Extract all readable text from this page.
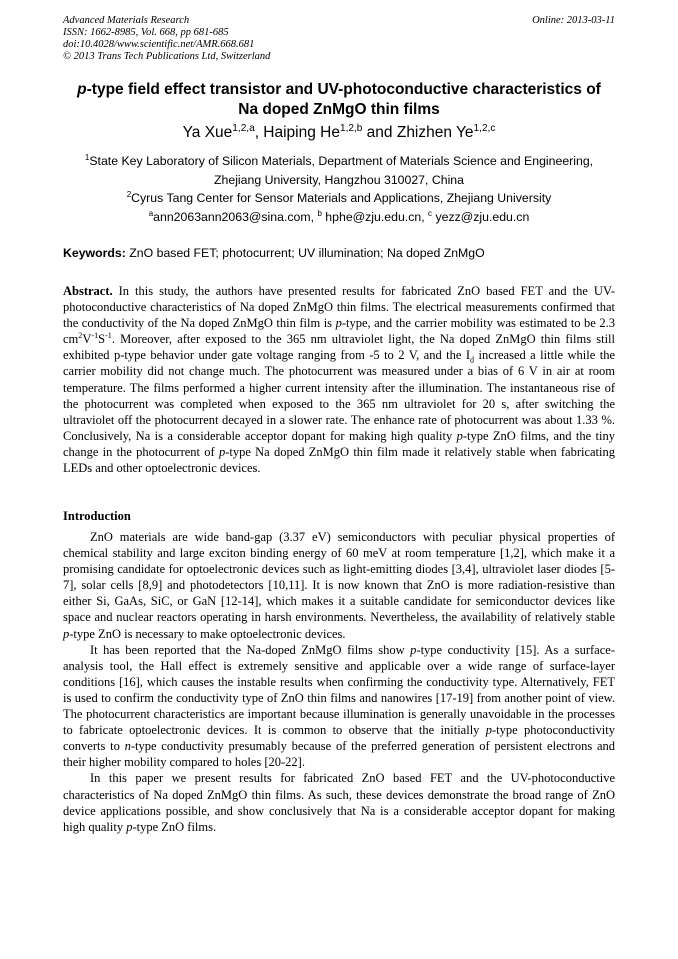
Advanced Materials Research
ISSN: 1662-8985, Vol. 668, pp 681-685
doi:10.4028/www.scientific.net/AMR.668.681
© 2013 Trans Tech Publications Ltd, Switzerland
Online: 2013-03-11
p-type field effect transistor and UV-photoconductive characteristics of
Na doped ZnMgO thin films
Ya Xue$^{1,2,a}$, Haiping He$^{1,2,b}$ and Zhizhen Ye$^{1,2,c}$
$^1$State Key Laboratory of Silicon Materials, Department of Materials Science and Engineering,
Zhejiang University, Hangzhou 310027, China
$^2$Cyrus Tang Center for Sensor Materials and Applications, Zhejiang University
$^a$ann2063ann2063@sina.com, $^b$ hphe@zju.edu.cn, $^c$ yezz@zju.edu.cn
Keywords: ZnO based FET; photocurrent; UV illumination; Na doped ZnMgO

Abstract. In this study, the authors have presented results for fabricated ZnO based FET and the UV-photoconductive characteristics of Na doped ZnMgO thin films. The electrical measurements confirmed that the conductivity of the Na doped ZnMgO thin film is p-type, and the carrier mobility was estimated to be 2.3 $cm^2V^{-1}S^{-1}$. Moreover, after exposed to the 365 nm ultraviolet light, the Na doped ZnMgO thin films still exhibited p-type behavior under gate voltage ranging from -5 to 2 V, and the $I_d$ increased a little while the carrier mobility did not change much. The photocurrent was measured under a bias of 6 V in air at room temperature. The films performed a higher current intensity after the illumination. The instantaneous rise of the photocurrent was completed when exposed to the 365 nm ultraviolet for 20 s, after switching the ultraviolet off the photocurrent decayed in a slower rate. The enhance rate of photocurrent was about 1.33 %. Conclusively, Na is a considerable acceptor dopant for making high quality p-type ZnO films, and the tiny change in the photocurrent of p-type Na doped ZnMgO thin film made it relatively stable when fabricating LEDs and other optoelectronic devices.

Introduction

ZnO materials are wide band-gap (3.37 eV) semiconductors with peculiar physical properties of chemical stability and large exciton binding energy of 60 meV at room temperature [1,2], which make it a promising candidate for optoelectronic devices such as light-emitting diodes [3,4], ultraviolet laser diodes [5-7], solar cells [8,9] and photodetectors [10,11]. It is now known that ZnO is more radiation-resistive than either Si, GaAs, SiC, or GaN [12-14], which makes it a suitable candidate for semiconductor devices like space and nuclear reactors operating in harsh environments. Nevertheless, the availability of relatively stable p-type ZnO is necessary to make optoelectronic devices.

It has been reported that the Na-doped ZnMgO films show p-type conductivity [15]. As a surface-analysis tool, the Hall effect is extremely sensitive and applicable over a wide range of surface-layer conditions [16], which causes the instable results when confirming the conductivity type. Alternatively, FET is used to confirm the conductivity type of ZnO thin films and nanowires [17-19] from another point of view. The photocurrent characteristics are important because illumination is generally unavoidable in the processes to fabricate optoelectronic devices. It is common to observe that the initially p-type photoconductivity converts to n-type conductivity presumably because of the preferred generation of persistent electrons and their higher mobility compared to holes [20-22].

In this paper we present results for fabricated ZnO based FET and the UV-photoconductive characteristics of Na doped ZnMgO thin films. As such, these devices demonstrate the broad range of ZnO device applications possible, and show conclusively that Na is a considerable acceptor dopant for making high quality p-type ZnO films.
